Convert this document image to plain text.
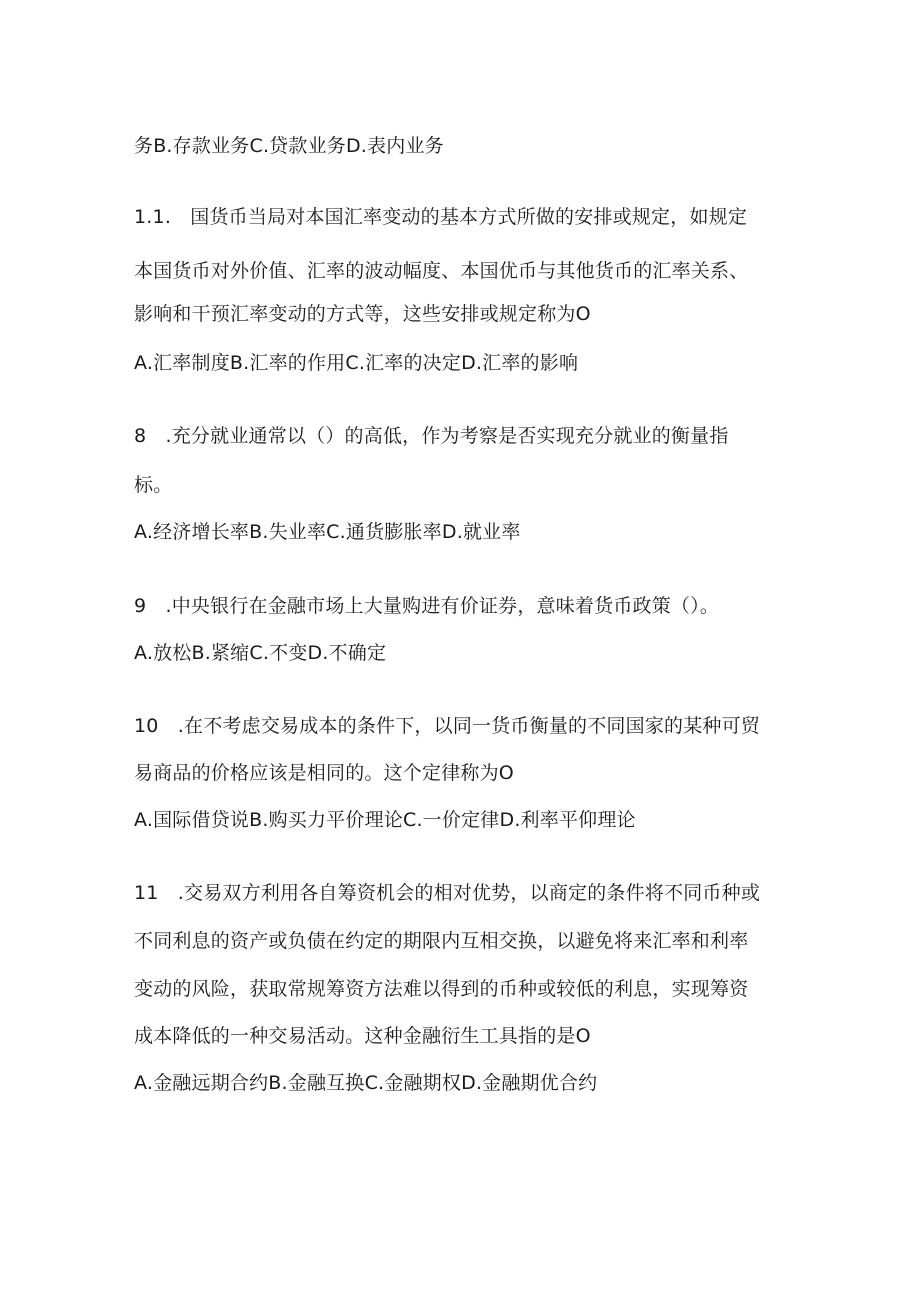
务B.存款业务C.贷款业务D.表内业务
1.1.　国货币当局对本国汇率变动的基本方式所做的安排或规定，如规定
本国货币对外价值、汇率的波动幅度、本国优币与其他货币的汇率关系、
影响和干预汇率变动的方式等，这些安排或规定称为O
A.汇率制度B.汇率的作用C.汇率的决定D.汇率的影响
8　.充分就业通常以（）的高低，作为考察是否实现充分就业的衡量指
标。
A.经济增长率B.失业率C.通货膨胀率D.就业率
9　.中央银行在金融市场上大量购进有价证券，意味着货币政策（）。
A.放松B.紧缩C.不变D.不确定
10　.在不考虑交易成本的条件下，以同一货币衡量的不同国家的某种可贸
易商品的价格应该是相同的。这个定律称为O
A.国际借贷说B.购买力平价理论C.一价定律D.利率平仰理论
11　.交易双方利用各自筹资机会的相对优势，以商定的条件将不同币种或
不同利息的资产或负债在约定的期限内互相交换，以避免将来汇率和利率
变动的风险，获取常规筹资方法难以得到的币种或较低的利息，实现筹资
成本降低的一种交易活动。这种金融衍生工具指的是O
A.金融远期合约B.金融互换C.金融期权D.金融期优合约
